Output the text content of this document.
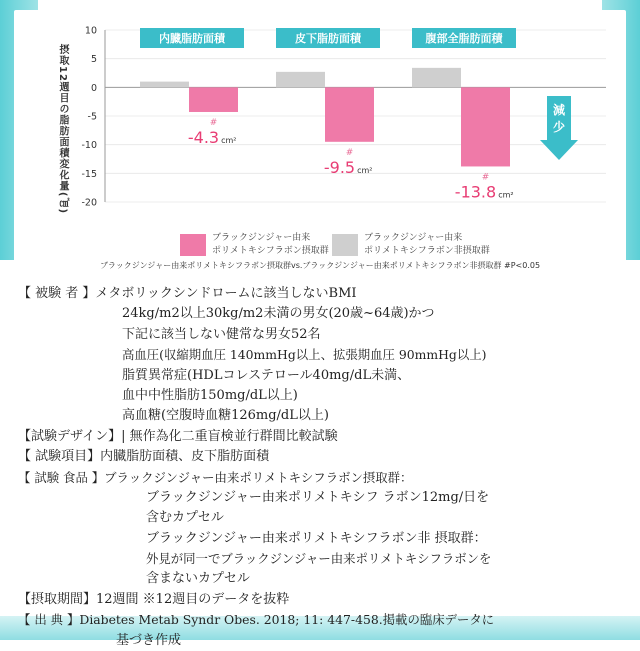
10
5
0
-5
-10
-15
-20
内臓脂肪面積
#
-4.3 cm²
皮下脂肪面積
#
-9.5 cm²
腹部全脂肪面積
#
-13.8 cm²
減
少
摂取12週目の脂肪面積変化量(㎠)
ブラックジンジャー由来
ポリメトキシフラボン摂取群
ブラックジンジャー由来
ポリメトキシフラボン非摂取群
ブラックジンジャー由来ポリメトキシフラボン摂取群vs.ブラックジンジャー由来ポリメトキシフラボン非摂取群 #P<0.05
【 被験 者 】メタボリックシンドロームに該当しないBMI
24kg/m2以上30kg/m2未満の男女(20歳~64歳)かつ
下記に該当しない健常な男女52名
高血圧(収縮期血圧 140mmHg以上、拡張期血圧 90mmHg以上)
脂質異常症(HDLコレステロール40mg/dL未満、
血中中性脂肪150mg/dL以上)
高血糖(空腹時血糖126mg/dL以上)
【試験デザイン】| 無作為化二重盲検並行群間比較試験
【 試験項目】内臓脂肪面積、皮下脂肪面積
【 試験 食品 】ブラックジンジャー由来ポリメトキシフラボン摂取群：
ブラックジンジャー由来ポリメトキシフ ラボン12mg/日を
含むカプセル
ブラックジンジャー由来ポリメトキシフラボン非 摂取群：
外見が同一でブラックジンジャー由来ポリメトキシフラボンを
含まないカプセル
【摂取期間】12週間 ※12週目のデータを抜粋
【 出 典 】Diabetes Metab Syndr Obes. 2018; 11: 447-458.掲載の臨床データに
基づき作成
